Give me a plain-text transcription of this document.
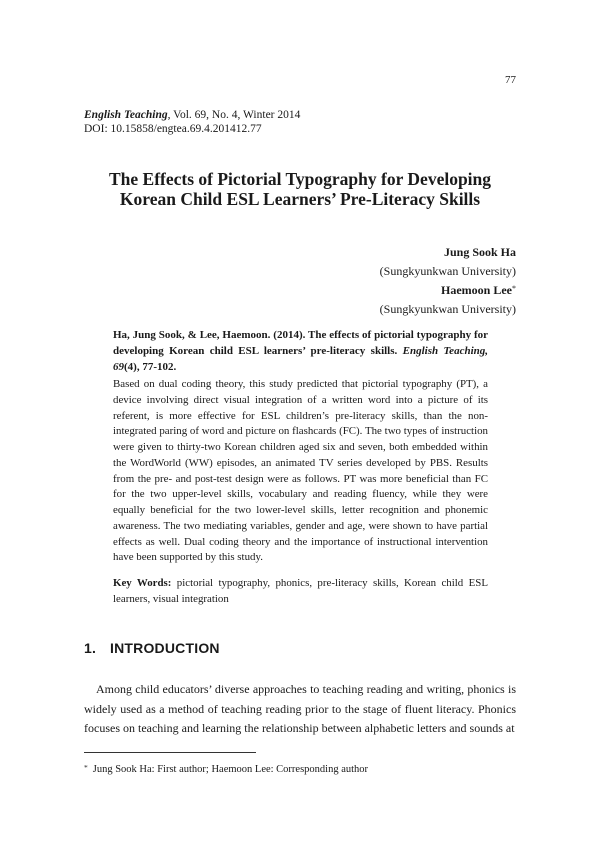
77
English Teaching, Vol. 69, No. 4, Winter 2014
DOI: 10.15858/engtea.69.4.201412.77
The Effects of Pictorial Typography for Developing
Korean Child ESL Learners’ Pre-Literacy Skills
Jung Sook Ha
(Sungkyunkwan University)
Haemoon Lee*
(Sungkyunkwan University)
Ha, Jung Sook, & Lee, Haemoon. (2014). The effects of pictorial typography for developing Korean child ESL learners’ pre-literacy skills. English Teaching, 69(4), 77-102.
Based on dual coding theory, this study predicted that pictorial typography (PT), a device involving direct visual integration of a written word into a picture of its referent, is more effective for ESL children’s pre-literacy skills, than the non-integrated paring of word and picture on flashcards (FC). The two types of instruction were given to thirty-two Korean children aged six and seven, both embedded within the WordWorld (WW) episodes, an animated TV series developed by PBS. Results from the pre- and post-test design were as follows. PT was more beneficial than FC for the two upper-level skills, vocabulary and reading fluency, while they were equally beneficial for the two lower-level skills, letter recognition and phonemic awareness. The two mediating variables, gender and age, were shown to have partial effects as well. Dual coding theory and the importance of instructional intervention have been supported by this study.
Key Words: pictorial typography, phonics, pre-literacy skills, Korean child ESL learners, visual integration
1. INTRODUCTION
Among child educators’ diverse approaches to teaching reading and writing, phonics is widely used as a method of teaching reading prior to the stage of fluent literacy. Phonics focuses on teaching and learning the relationship between alphabetic letters and sounds at
* Jung Sook Ha: First author; Haemoon Lee: Corresponding author
